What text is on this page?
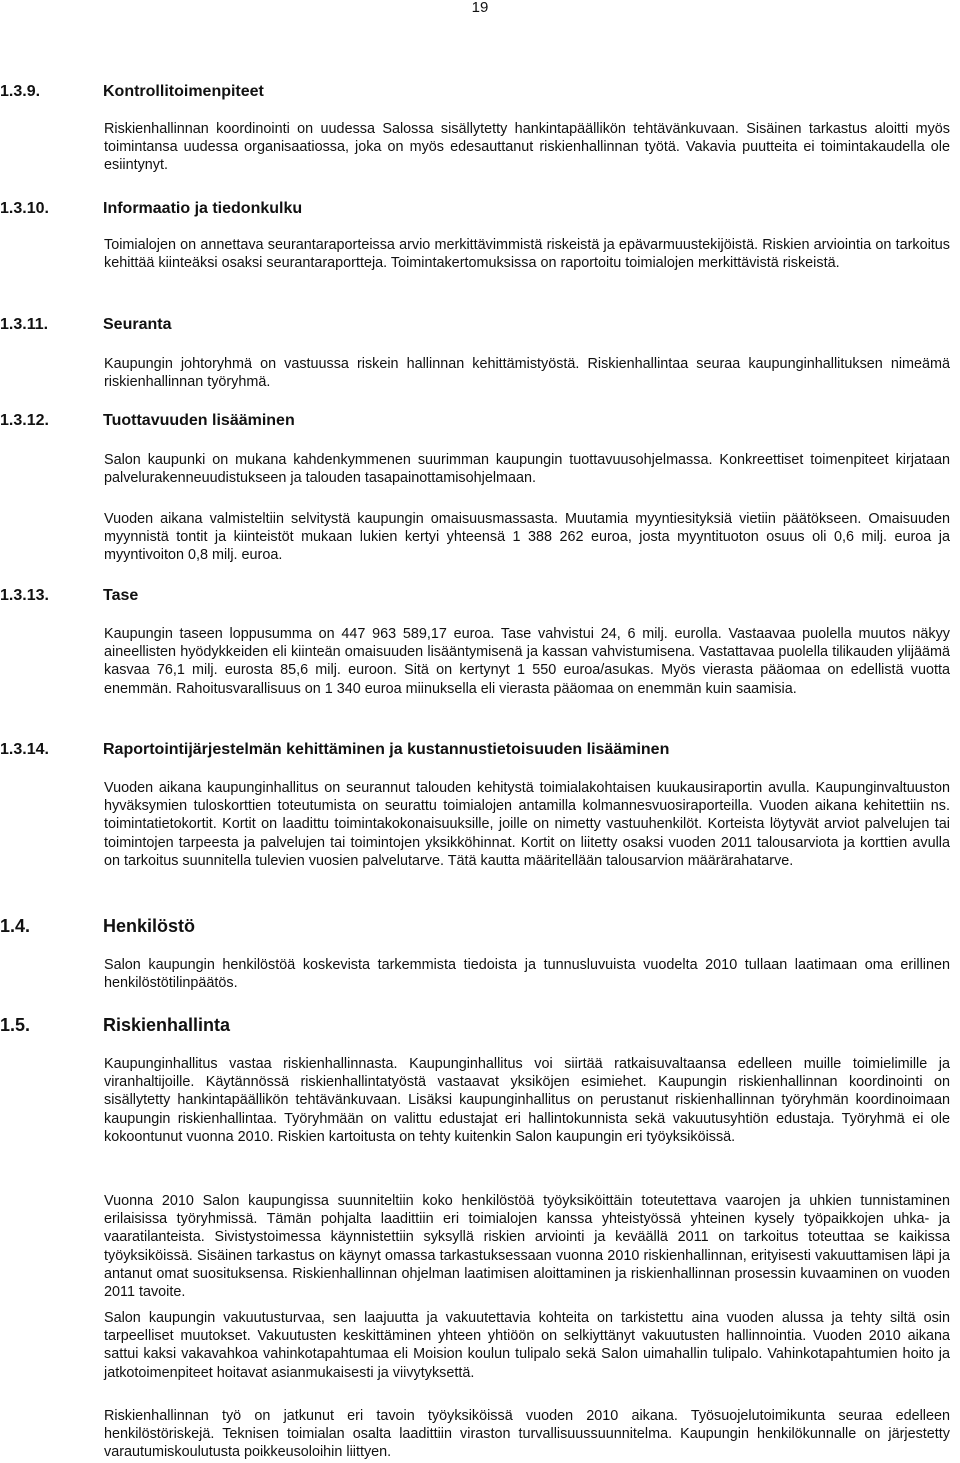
19
1.3.9.	Kontrollitoimenpiteet
Riskienhallinnan koordinointi on uudessa Salossa sisällytetty hankintapäällikön tehtävänkuvaan. Sisäinen tarkastus aloitti myös toimintansa uudessa organisaatiossa, joka on myös edesauttanut riskienhallinnan työtä. Vakavia puutteita ei toimintakaudella ole esiintynyt.
1.3.10.	Informaatio ja tiedonkulku
Toimialojen on annettava seurantaraporteissa arvio merkittävimmistä riskeistä ja epävarmuustekijöistä. Riskien arviointia on tarkoitus kehittää kiinteäksi osaksi seurantaraportteja. Toimintakertomuksissa on raportoitu toimialojen merkittävistä riskeistä.
1.3.11.	Seuranta
Kaupungin johtoryhmä on vastuussa riskein hallinnan kehittämistyöstä. Riskienhallintaa seuraa kaupunginhallituksen nimeämä riskienhallinnan työryhmä.
1.3.12.	Tuottavuuden lisääminen
Salon kaupunki on mukana kahdenkymmenen suurimman kaupungin tuottavuusohjelmassa. Konkreettiset toimenpiteet kirjataan palvelurakenneuudistukseen ja talouden tasapainottamisohjelmaan.
Vuoden aikana valmisteltiin selvitystä kaupungin omaisuusmassasta. Muutamia myyntiesityksiä vietiin päätökseen. Omaisuuden myynnistä tontit ja kiinteistöt mukaan lukien kertyi yhteensä 1 388 262 euroa, josta myyntituoton osuus oli 0,6 milj. euroa ja myyntivoiton 0,8 milj. euroa.
1.3.13.	Tase
Kaupungin taseen loppusumma on 447 963 589,17 euroa. Tase vahvistui 24, 6 milj. eurolla. Vastaavaa puolella muutos näkyy aineellisten hyödykkeiden eli kiinteän omaisuuden lisääntymisenä ja kassan vahvistumisena. Vastattavaa puolella tilikauden ylijäämä kasvaa 76,1 milj. eurosta 85,6 milj. euroon. Sitä on kertynyt 1 550 euroa/asukas. Myös vierasta pääomaa on edellistä vuotta enemmän. Rahoitusvarallisuus on 1 340 euroa miinuksella eli vierasta pääomaa on enemmän kuin saamisia.
1.3.14.	Raportointijärjestelmän kehittäminen ja kustannustietoisuuden lisääminen
Vuoden aikana kaupunginhallitus on seurannut talouden kehitystä toimialakohtaisen kuukausiraportin avulla. Kaupunginvaltuuston hyväksymien tuloskorttien toteutumista on seurattu toimialojen antamilla kolmannesvuosiraporteilla. Vuoden aikana kehitettiin ns. toimintatietokortit. Kortit on laadittu toimintakokonaisuuksille, joille on nimetty vastuuhenkilöt. Korteista löytyvät arviot palvelujen tai toimintojen tarpeesta ja palvelujen tai toimintojen yksikköhinnat. Kortit on liitetty osaksi vuoden 2011 talousarviota ja korttien avulla on tarkoitus suunnitella tulevien vuosien palvelutarve. Tätä kautta määritellään talousarvion määrärahatarve.
1.4.	Henkilöstö
Salon kaupungin henkilöstöä koskevista tarkemmista tiedoista ja tunnusluvuista vuodelta 2010 tullaan laatimaan oma erillinen henkilöstötilinpäätös.
1.5.	Riskienhallinta
Kaupunginhallitus vastaa riskienhallinnasta. Kaupunginhallitus voi siirtää ratkaisuvaltaansa edelleen muille toimielimille ja viranhaltijoille. Käytännössä riskienhallintatyöstä vastaavat yksiköjen esimiehet. Kaupungin riskienhallinnan koordinointi on sisällytetty hankintapäällikön tehtävänkuvaan. Lisäksi kaupunginhallitus on perustanut riskienhallinnan työryhmän koordinoimaan kaupungin riskienhallintaa. Työryhmään on valittu edustajat eri hallintokunnista sekä vakuutusyhtiön edustaja. Työryhmä ei ole kokoontunut vuonna 2010. Riskien kartoitusta on tehty kuitenkin Salon kaupungin eri työyksiköissä.
Vuonna 2010 Salon kaupungissa suunniteltiin koko henkilöstöä työyksiköittäin toteutettava vaarojen ja uhkien tunnistaminen erilaisissa työryhmissä. Tämän pohjalta laadittiin eri toimialojen kanssa yhteistyössä yhteinen kysely työpaikkojen uhka- ja vaaratilanteista. Sivistystoimessa käynnistettiin syksyllä riskien arviointi ja keväällä 2011 on tarkoitus toteuttaa se kaikissa työyksiköissä. Sisäinen tarkastus on käynyt omassa tarkastuksessaan vuonna 2010 riskienhallinnan, erityisesti vakuuttamisen läpi ja antanut omat suosituksensa. Riskienhallinnan ohjelman laatimisen aloittaminen ja riskienhallinnan prosessin kuvaaminen on vuoden 2011 tavoite.
Salon kaupungin vakuutusturvaa, sen laajuutta ja vakuutettavia kohteita on tarkistettu aina vuoden alussa ja tehty siltä osin tarpeelliset muutokset. Vakuutusten keskittäminen yhteen yhtiöön on selkiyttänyt vakuutusten hallinnointia. Vuoden 2010 aikana sattui kaksi vakavahkoa vahinkotapahtumaa eli Moision koulun tulipalo sekä Salon uimahallin tulipalo. Vahinkotapahtumien hoito ja jatkotoimenpiteet hoitavat asianmukaisesti ja viivytyksettä.
Riskienhallinnan työ on jatkunut eri tavoin työyksiköissä vuoden 2010 aikana. Työsuojelutoimikunta seuraa edelleen henkilöstöriskejä. Teknisen toimialan osalta laadittiin viraston turvallisuussuunnitelma. Kaupungin henkilökunnalle on järjestetty varautumiskoulutusta poikkeusoloihin liittyen.
